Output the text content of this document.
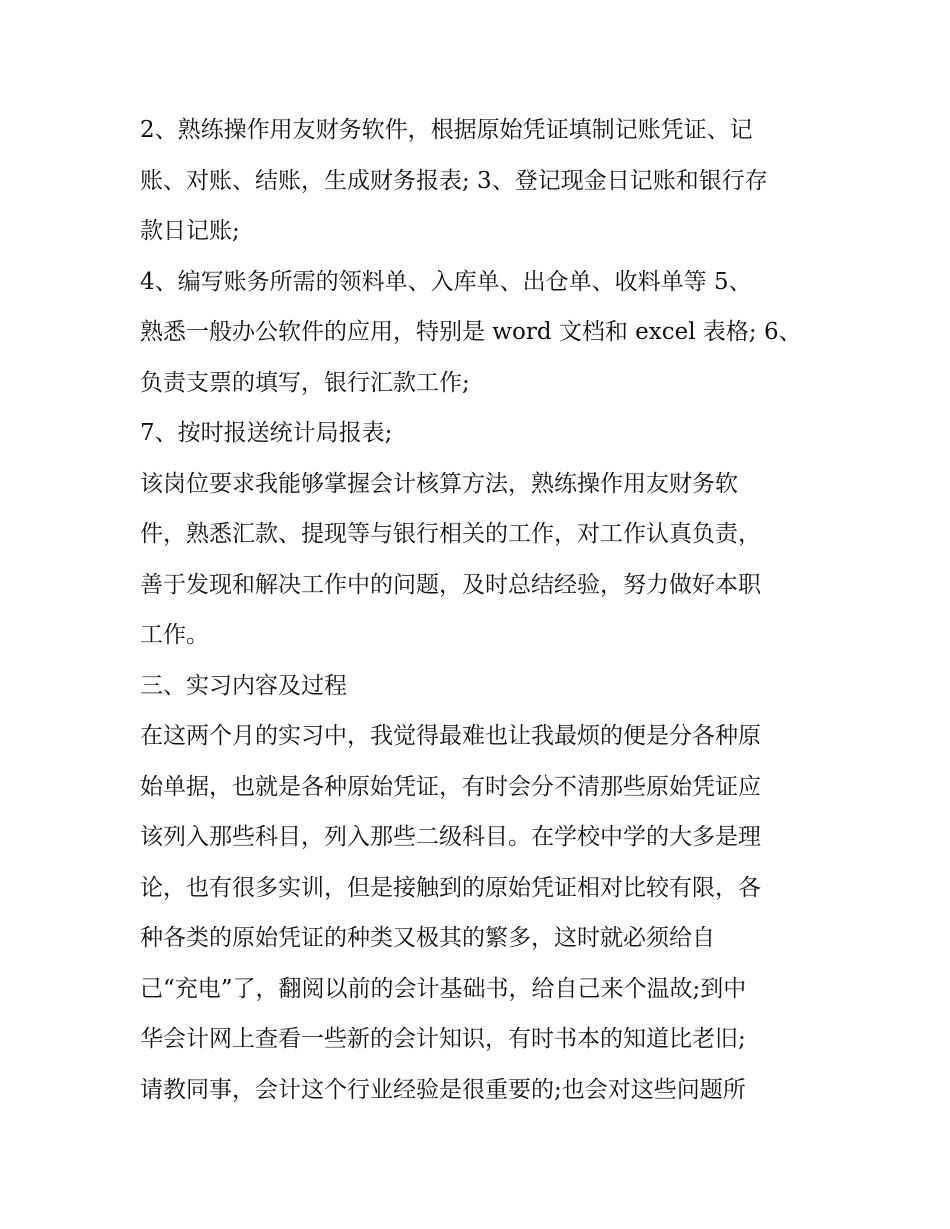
2、熟练操作用友财务软件，根据原始凭证填制记账凭证、记
账、对账、结账，生成财务报表; 3、登记现金日记账和银行存
款日记账;
4、编写账务所需的领料单、入库单、出仓单、收料单等 5、
熟悉一般办公软件的应用，特别是 word 文档和 excel 表格; 6、
负责支票的填写，银行汇款工作;
7、按时报送统计局报表;
该岗位要求我能够掌握会计核算方法，熟练操作用友财务软
件，熟悉汇款、提现等与银行相关的工作，对工作认真负责，
善于发现和解决工作中的问题，及时总结经验，努力做好本职
工作。
三、实习内容及过程
在这两个月的实习中，我觉得最难也让我最烦的便是分各种原
始单据，也就是各种原始凭证，有时会分不清那些原始凭证应
该列入那些科目，列入那些二级科目。在学校中学的大多是理
论，也有很多实训，但是接触到的原始凭证相对比较有限，各
种各类的原始凭证的种类又极其的繁多，这时就必须给自
己“充电”了，翻阅以前的会计基础书，给自己来个温故;到中
华会计网上查看一些新的会计知识，有时书本的知道比老旧;
请教同事，会计这个行业经验是很重要的;也会对这些问题所
